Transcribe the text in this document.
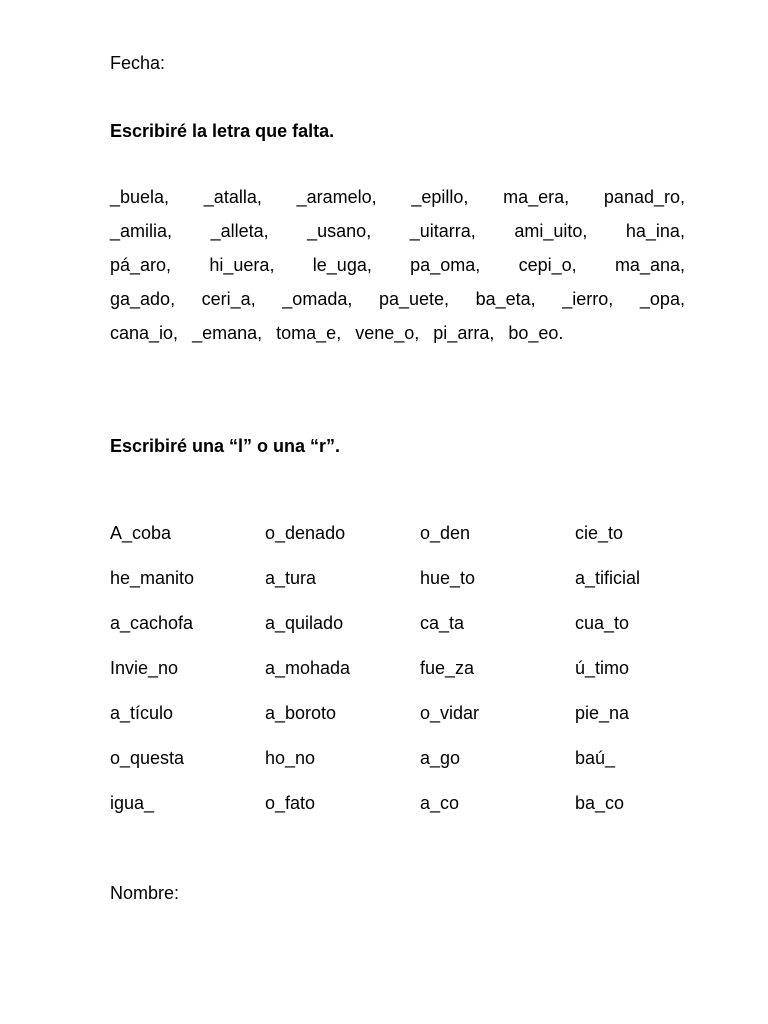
Fecha:
Escribiré la letra que falta.
_buela, _atalla, _aramelo, _epillo, ma_era, panad_ro,
_amilia, _alleta, _usano, _uitarra, ami_uito, ha_ina,
pá_aro, hi_uera, le_uga, pa_oma, cepi_o, ma_ana,
ga_ado, ceri_a, _omada, pa_uete, ba_eta, _ierro, _opa,
cana_io, _emana, toma_e, vene_o, pi_arra, bo_eo.
Escribiré una “l” o una “r”.
A_coba	o_denado	o_den	cie_to
he_manito	a_tura	hue_to	a_tificial
a_cachofa	a_quilado	ca_ta	cua_to
Invie_no	a_mohada	fue_za	ú_timo
a_tículo	a_boroto	o_vidar	pie_na
o_questa	ho_no	a_go	baú_
igua_	o_fato	a_co	ba_co
Nombre:
